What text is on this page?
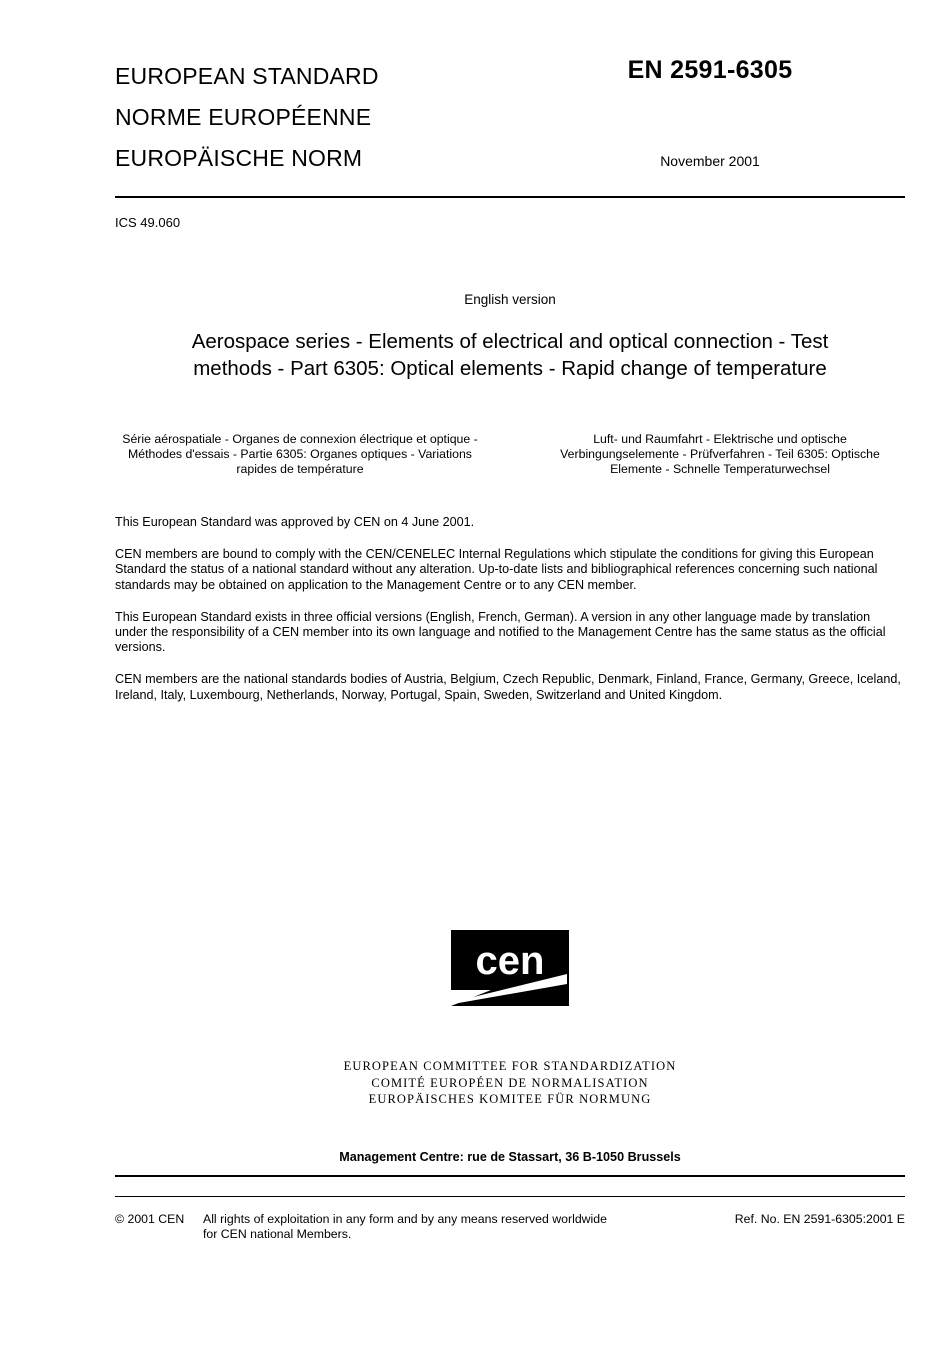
EUROPEAN STANDARD
NORME EUROPÉENNE
EUROPÄISCHE NORM
EN 2591-6305
November 2001
ICS 49.060
English version
Aerospace series - Elements of electrical and optical connection - Test methods - Part 6305: Optical elements - Rapid change of temperature
Série aérospatiale - Organes de connexion électrique et optique - Méthodes d'essais - Partie 6305: Organes optiques - Variations rapides de température
Luft- und Raumfahrt - Elektrische und optische Verbingungselemente - Prüfverfahren - Teil 6305: Optische Elemente - Schnelle Temperaturwechsel
This European Standard was approved by CEN on 4 June 2001.
CEN members are bound to comply with the CEN/CENELEC Internal Regulations which stipulate the conditions for giving this European Standard the status of a national standard without any alteration. Up-to-date lists and bibliographical references concerning such national standards may be obtained on application to the Management Centre or to any CEN member.
This European Standard exists in three official versions (English, French, German). A version in any other language made by translation under the responsibility of a CEN member into its own language and notified to the Management Centre has the same status as the official versions.
CEN members are the national standards bodies of Austria, Belgium, Czech Republic, Denmark, Finland, France, Germany, Greece, Iceland, Ireland, Italy, Luxembourg, Netherlands, Norway, Portugal, Spain, Sweden, Switzerland and United Kingdom.
cen
EUROPEAN COMMITTEE FOR STANDARDIZATION
COMITÉ EUROPÉEN DE NORMALISATION
EUROPÄISCHES KOMITEE FÜR NORMUNG
Management Centre: rue de Stassart, 36 B-1050 Brussels
© 2001 CEN All rights of exploitation in any form and by any means reserved worldwide for CEN national Members.
Ref. No. EN 2591-6305:2001 E
